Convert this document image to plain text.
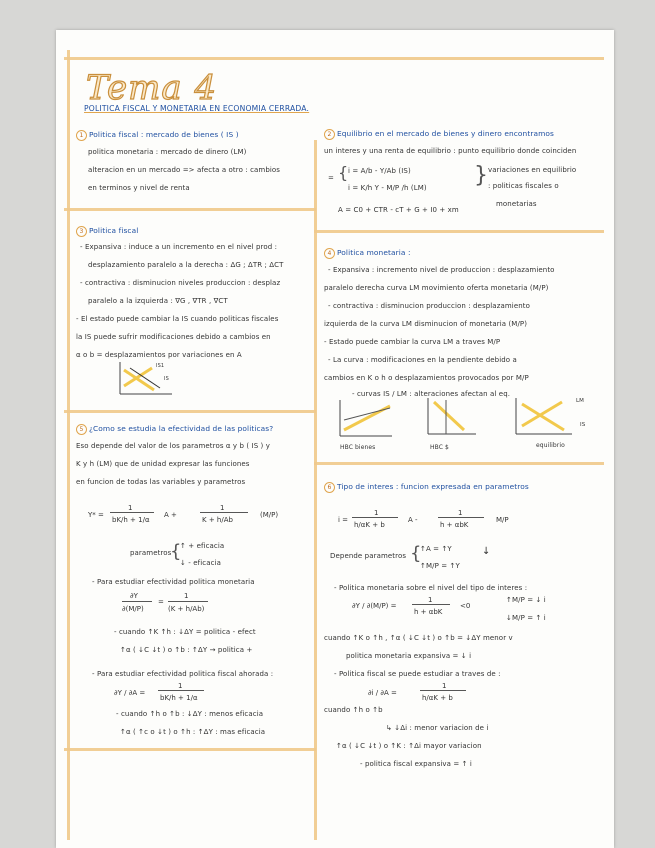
Tema 4
POLITICA FISCAL Y MONETARIA EN ECONOMIA CERRADA.
1 Politica fiscal : mercado de bienes ( IS )
politica monetaria : mercado de dinero (LM)
alteracion en un mercado => afecta a otro : cambios
en terminos y nivel de renta
2 Equilibrio en el mercado de bienes y dinero encontramos
un interes y una renta de equilibrio : punto equilibrio donde coinciden
= { i = A/b - Y/Ab (IS)
i = K/h Y - M/P /h (LM) } variaciones en equilibrio
: politicas fiscales o
monetarias
A = C0 + CTR - cT + G + I0 + xm
3 Politica fiscal
- Expansiva : induce a un incremento en el nivel prod :
desplazamiento paralelo a la derecha : ΔG ; ΔTR ; ΔCT
- contractiva : disminucion niveles produccion : desplaz
paralelo a la izquierda : ∇G , ∇TR , ∇CT
- El estado puede cambiar la IS cuando politicas fiscales
la IS puede sufrir modificaciones debido a cambios en
α o b = desplazamientos por variaciones en A
IS1
IS
4 Politica monetaria :
- Expansiva : incremento nivel de produccion : desplazamiento
paralelo derecha curva LM movimiento oferta monetaria (M/P)
- contractiva : disminucion produccion : desplazamiento
izquierda de la curva LM disminucion of monetaria (M/P)
- Estado puede cambiar la curva LM a traves M/P
- La curva : modificaciones en la pendiente debido a
cambios en K o h o desplazamientos provocados por M/P
- curvas IS / LM : alteraciones afectan al eq.
LM
IS
HBC bienes	HBC $	equilibrio
5 ¿Como se estudia la efectividad de las politicas?
Eso depende del valor de los parametros α y b ( IS ) y
K y h (LM) que de unidad expresar las funciones
en funcion de todas las variables y parametros
Y* =
1
bK/h + 1/α
A +
1
K + h/Ab
(M/P)
parametros
{
↑ + eficacia
↓ - eficacia
- Para estudiar efectividad politica monetaria
∂Y
∂(M/P)
=
1
(K + h/Ab)
- cuando ↑K ↑h : ↓ΔY = politica - efect
↑α ( ↓C ↓t ) o ↑b : ↑ΔY → politica +
- Para estudiar efectividad politica fiscal ahorada :
∂Y / ∂A =
1
bK/h + 1/α
- cuando ↑h o ↑b : ↓ΔY : menos eficacia
↑α ( ↑c o ↓t ) o ↑h : ↑ΔY : mas eficacia
6 Tipo de interes : funcion expresada en parametros
i =
1
h/αK + b
A -
1
h + αbK
M/P
Depende parametros {
↑A = ↑Y
↑M/P = ↑Y
↓
- Politica monetaria sobre el nivel del tipo de interes :
∂Y / ∂(M/P) =
1
h + αbK
<0
↑M/P = ↓ i
↓M/P = ↑ i
cuando ↑K o ↑h , ↑α ( ↓C ↓t ) o ↑b = ↓ΔY menor v
politica monetaria expansiva = ↓ i
- Politica fiscal se puede estudiar a traves de :
∂i / ∂A =
1
h/αK + b
cuando ↑h o ↑b
↳ ↓Δi : menor variacion de i
↑α ( ↓C ↓t ) o ↑K : ↑Δi mayor variacion
- politica fiscal expansiva = ↑ i
